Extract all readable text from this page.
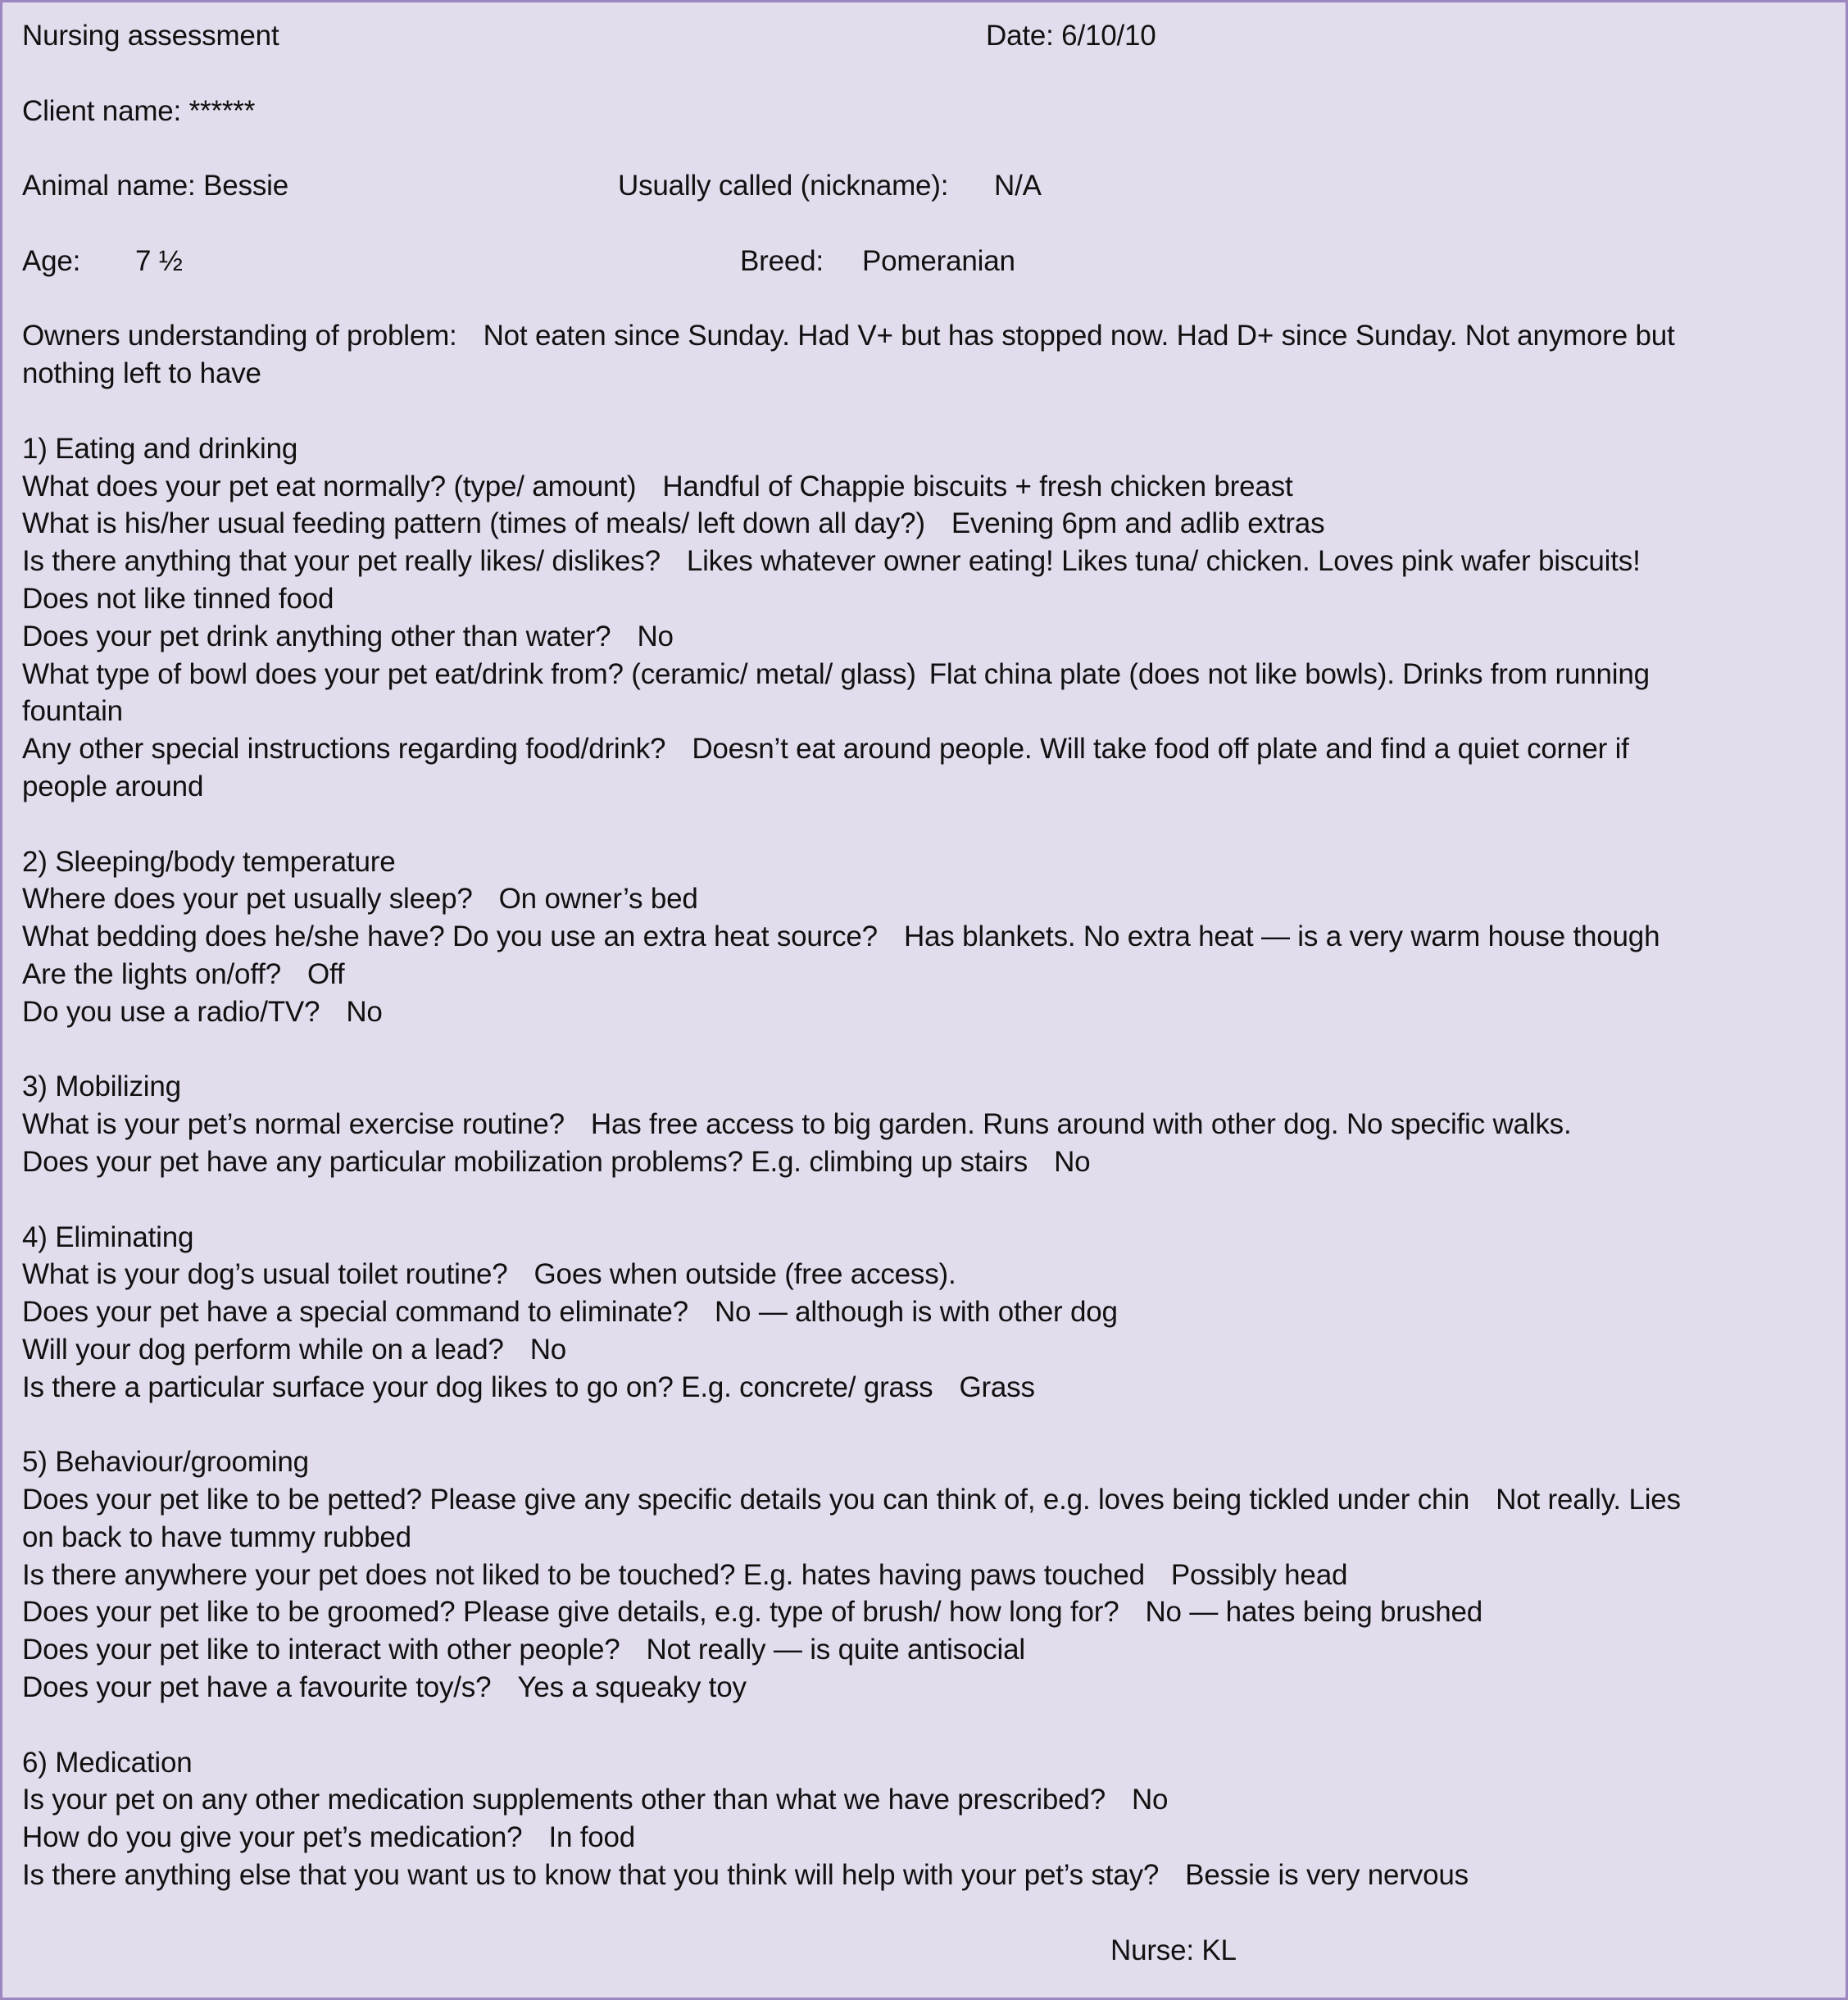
Nursing assessment	Date: 6/10/10
Client name: ******
Animal name: Bessie	Usually called (nickname): N/A
Age: 7 ½	Breed: Pomeranian
Owners understanding of problem: Not eaten since Sunday. Had V+ but has stopped now. Had D+ since Sunday. Not anymore but
nothing left to have
1) Eating and drinking
What does your pet eat normally? (type/ amount) Handful of Chappie biscuits + fresh chicken breast
What is his/her usual feeding pattern (times of meals/ left down all day?) Evening 6pm and adlib extras
Is there anything that your pet really likes/ dislikes? Likes whatever owner eating! Likes tuna/ chicken. Loves pink wafer biscuits!
Does not like tinned food
Does your pet drink anything other than water? No
What type of bowl does your pet eat/drink from? (ceramic/ metal/ glass) Flat china plate (does not like bowls). Drinks from running
fountain
Any other special instructions regarding food/drink? Doesn’t eat around people. Will take food off plate and find a quiet corner if
people around
2) Sleeping/body temperature
Where does your pet usually sleep? On owner’s bed
What bedding does he/she have? Do you use an extra heat source? Has blankets. No extra heat — is a very warm house though
Are the lights on/off? Off
Do you use a radio/TV? No
3) Mobilizing
What is your pet’s normal exercise routine? Has free access to big garden. Runs around with other dog. No specific walks.
Does your pet have any particular mobilization problems? E.g. climbing up stairs No
4) Eliminating
What is your dog’s usual toilet routine? Goes when outside (free access).
Does your pet have a special command to eliminate? No — although is with other dog
Will your dog perform while on a lead? No
Is there a particular surface your dog likes to go on? E.g. concrete/ grass Grass
5) Behaviour/grooming
Does your pet like to be petted? Please give any specific details you can think of, e.g. loves being tickled under chin Not really. Lies
on back to have tummy rubbed
Is there anywhere your pet does not liked to be touched? E.g. hates having paws touched Possibly head
Does your pet like to be groomed? Please give details, e.g. type of brush/ how long for? No — hates being brushed
Does your pet like to interact with other people? Not really — is quite antisocial
Does your pet have a favourite toy/s? Yes a squeaky toy
6) Medication
Is your pet on any other medication supplements other than what we have prescribed? No
How do you give your pet’s medication? In food
Is there anything else that you want us to know that you think will help with your pet’s stay? Bessie is very nervous
Nurse: KL
